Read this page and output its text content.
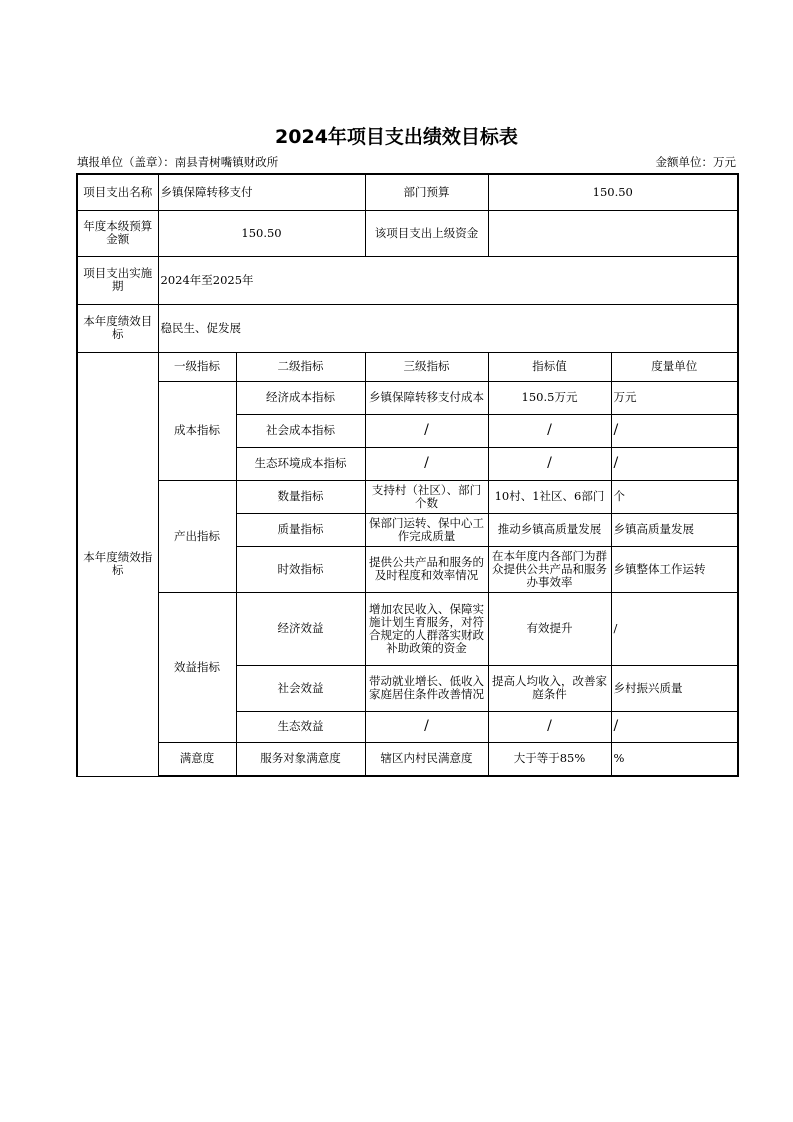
2024年项目支出绩效目标表
填报单位（盖章）：南县青树嘴镇财政所	金额单位：万元
项目支出名称	乡镇保障转移支付		部门预算	150.50	
年度本级预算金额	150.50		该项目支出上级资金		
项目支出实施期	2024年至2025年				
本年度绩效目标	稳民生、促发展				
本年度绩效指标	一级指标	二级指标	三级指标	指标值	度量单位
	成本指标	经济成本指标	乡镇保障转移支付成本	150.5万元	万元
		社会成本指标	/	/	/
		生态环境成本指标	/	/	/
	产出指标	数量指标	支持村（社区）、部门个数	10村、1社区、6部门	个
		质量指标	保部门运转、保中心工作完成质量	推动乡镇高质量发展	乡镇高质量发展
		时效指标	提供公共产品和服务的及时程度和效率情况	在本年度内各部门为群众提供公共产品和服务办事效率	乡镇整体工作运转
	效益指标	经济效益	增加农民收入、保障实施计划生育服务，对符合规定的人群落实财政补助政策的资金	有效提升	/
		社会效益	带动就业增长、低收入家庭居住条件改善情况	提高人均收入，改善家庭条件	乡村振兴质量
		生态效益	/	/	/
	满意度	服务对象满意度	辖区内村民满意度	大于等于85%	%
